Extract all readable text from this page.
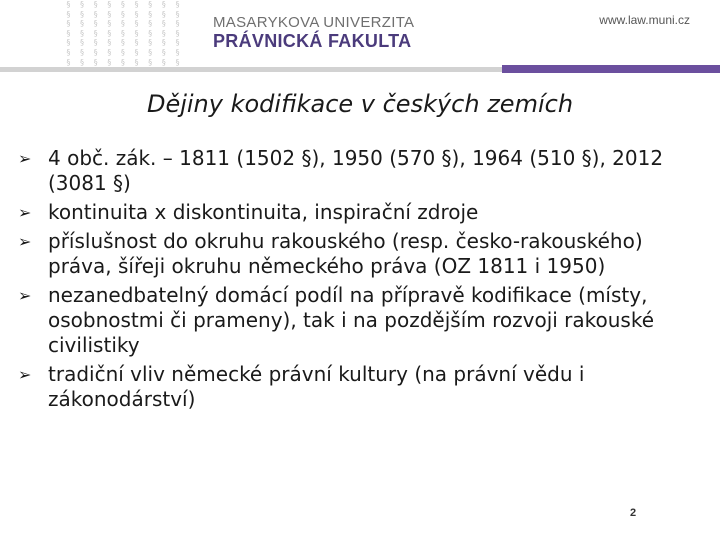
§ § § § § § § § §
§ § § § § § § § §
§ § § § § § § § §
§ § § § § § § § §
§ § § § § § § § §
§ § § § § § § § §
§ § § § § § § § §
MASARYKOVA UNIVERZITA
PRÁVNICKÁ FAKULTA
www.law.muni.cz
Dějiny kodifikace v českých zemích
➢ 4 obč. zák. – 1811 (1502 §), 1950 (570 §), 1964 (510 §), 2012 (3081 §)
➢ kontinuita x diskontinuita, inspirační zdroje
➢ příslušnost do okruhu rakouského (resp. česko-rakouského) práva, šířeji okruhu německého práva (OZ 1811 i 1950)
➢ nezanedbatelný domácí podíl na přípravě kodifikace (místy, osobnostmi či prameny), tak i na pozdějším rozvoji rakouské civilistiky
➢ tradiční vliv německé právní kultury (na právní vědu i zákonodárství)
2
